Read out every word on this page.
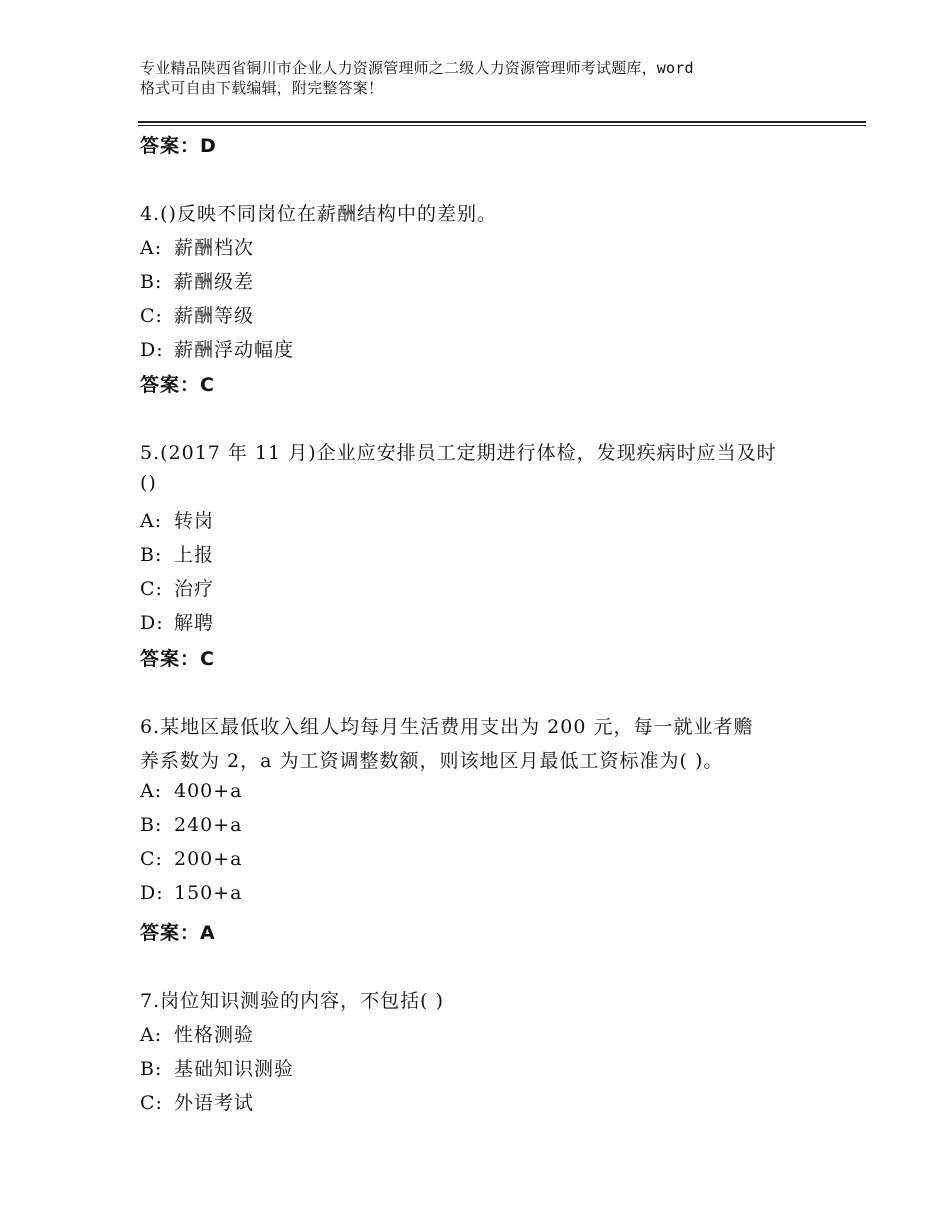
专业精品陕西省铜川市企业人力资源管理师之二级人力资源管理师考试题库，word
格式可自由下载编辑，附完整答案！
答案：D
4.()反映不同岗位在薪酬结构中的差别。
A: 薪酬档次
B: 薪酬级差
C: 薪酬等级
D: 薪酬浮动幅度
答案：C
5.(2017 年 11 月)企业应安排员工定期进行体检，发现疾病时应当及时
()
A: 转岗
B: 上报
C: 治疗
D: 解聘
答案：C
6.某地区最低收入组人均每月生活费用支出为 200 元，每一就业者赡
养系数为 2，a 为工资调整数额，则该地区月最低工资标准为( )。
A: 400+a
B: 240+a
C: 200+a
D: 150+a
答案：A
7.岗位知识测验的内容，不包括( )
A: 性格测验
B: 基础知识测验
C: 外语考试
